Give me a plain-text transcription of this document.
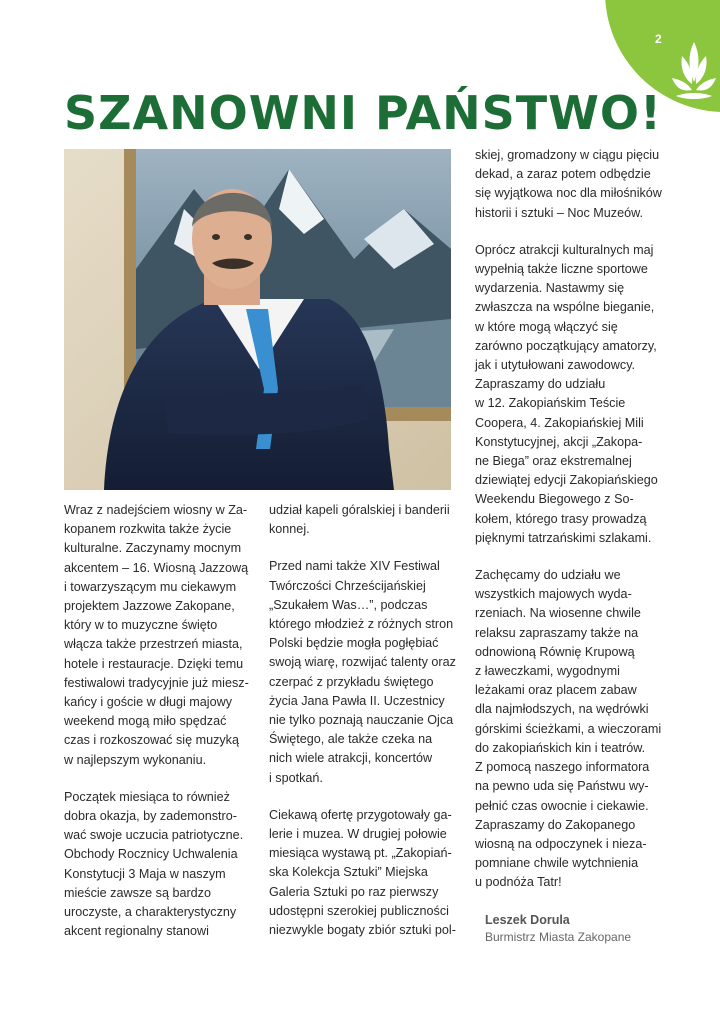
2
SZANOWNI PAŃSTWO!

Wraz z nadejściem wiosny w Za-
kopanem rozkwita także życie
kulturalne. Zaczynamy mocnym
akcentem – 16. Wiosną Jazzową
i towarzyszącym mu ciekawym
projektem Jazzowe Zakopane,
który w to muzyczne święto
włącza także przestrzeń miasta,
hotele i restauracje. Dzięki temu
festiwalowi tradycyjnie już miesz-
kańcy i goście w długi majowy
weekend mogą miło spędzać
czas i rozkoszować się muzyką
w najlepszym wykonaniu.

Początek miesiąca to również
dobra okazja, by zademonstro-
wać swoje uczucia patriotyczne.
Obchody Rocznicy Uchwalenia
Konstytucji 3 Maja w naszym
mieście zawsze są bardzo
uroczyste, a charakterystyczny
akcent regionalny stanowi

udział kapeli góralskiej i banderii
konnej.

Przed nami także XIV Festiwal
Twórczości Chrześcijańskiej
„Szukałem Was…”, podczas
którego młodzież z różnych stron
Polski będzie mogła pogłębiać
swoją wiarę, rozwijać talenty oraz
czerpać z przykładu świętego
życia Jana Pawła II. Uczestnicy
nie tylko poznają nauczanie Ojca
Świętego, ale także czeka na
nich wiele atrakcji, koncertów
i spotkań.

Ciekawą ofertę przygotowały ga-
lerie i muzea. W drugiej połowie
miesiąca wystawą pt. „Zakopiań-
ska Kolekcja Sztuki” Miejska
Galeria Sztuki po raz pierwszy
udostępni szerokiej publiczności
niezwykle bogaty zbiór sztuki pol-

skiej, gromadzony w ciągu pięciu
dekad, a zaraz potem odbędzie
się wyjątkowa noc dla miłośników
historii i sztuki – Noc Muzeów.

Oprócz atrakcji kulturalnych maj
wypełnią także liczne sportowe
wydarzenia. Nastawmy się
zwłaszcza na wspólne bieganie,
w które mogą włączyć się
zarówno początkujący amatorzy,
jak i utytułowani zawodowcy.
Zapraszamy do udziału
w 12. Zakopiańskim Teście
Coopera, 4. Zakopiańskiej Mili
Konstytucyjnej, akcji „Zakopa-
ne Biega” oraz ekstremalnej
dziewiątej edycji Zakopiańskiego
Weekendu Biegowego z So-
kołem, którego trasy prowadzą
pięknymi tatrzańskimi szlakami.

Zachęcamy do udziału we
wszystkich majowych wyda-
rzeniach. Na wiosenne chwile
relaksu zapraszamy także na
odnowioną Równię Krupową
z ławeczkami, wygodnymi
leżakami oraz placem zabaw
dla najmłodszych, na wędrówki
górskimi ścieżkami, a wieczorami
do zakopiańskich kin i teatrów.
Z pomocą naszego informatora
na pewno uda się Państwu wy-
pełnić czas owocnie i ciekawie.
Zapraszamy do Zakopanego
wiosną na odpoczynek i nieza-
pomniane chwile wytchnienia
u podnóża Tatr!

Leszek Dorula
Burmistrz Miasta Zakopane
